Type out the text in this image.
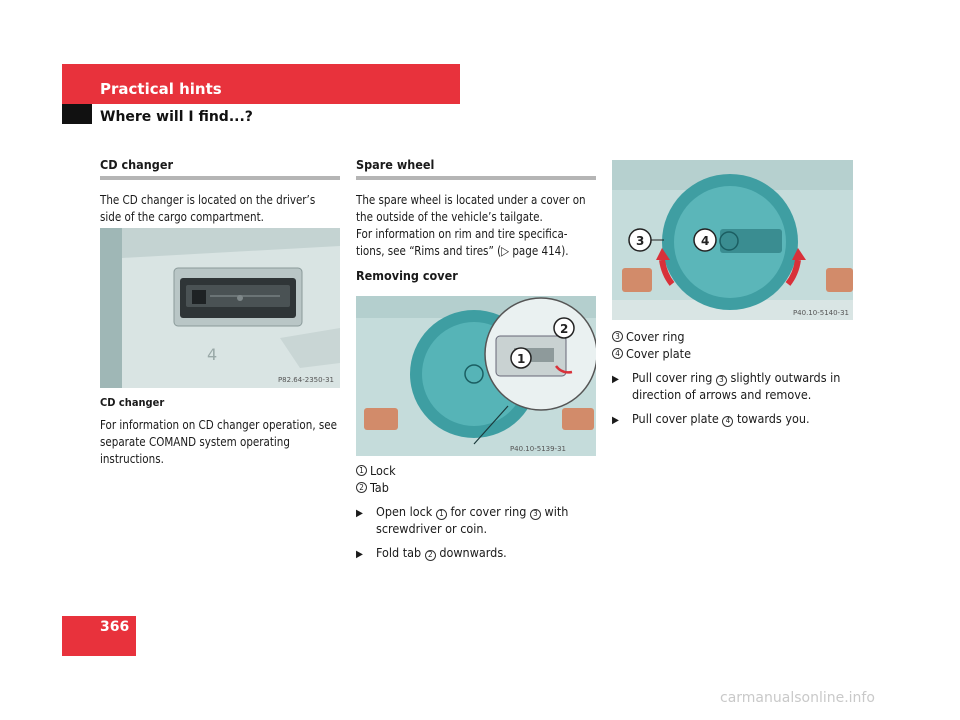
Practical hints
Where will I find...?
CD changer
The CD changer is located on the driver’s side of the cargo compartment.
4
P82.64-2350-31
CD changer
For information on CD changer operation, see separate COMAND system operating instructions.
Spare wheel
The spare wheel is located under a cover on the outside of the vehicle’s tailgate.
For information on rim and tire specifica- tions, see “Rims and tires” (▷ page 414).
Removing cover
1
2
P40.10-5139-31
1 Lock
2 Tab
▶	Open lock 1 for cover ring 3 with screwdriver or coin.
▶	Fold tab 2 downwards.
3	4
P40.10-5140-31
3 Cover ring
4 Cover plate
▶	Pull cover ring 3 slightly outwards in direction of arrows and remove.
▶	Pull cover plate 4 towards you.
366
carmanualsonline.info
